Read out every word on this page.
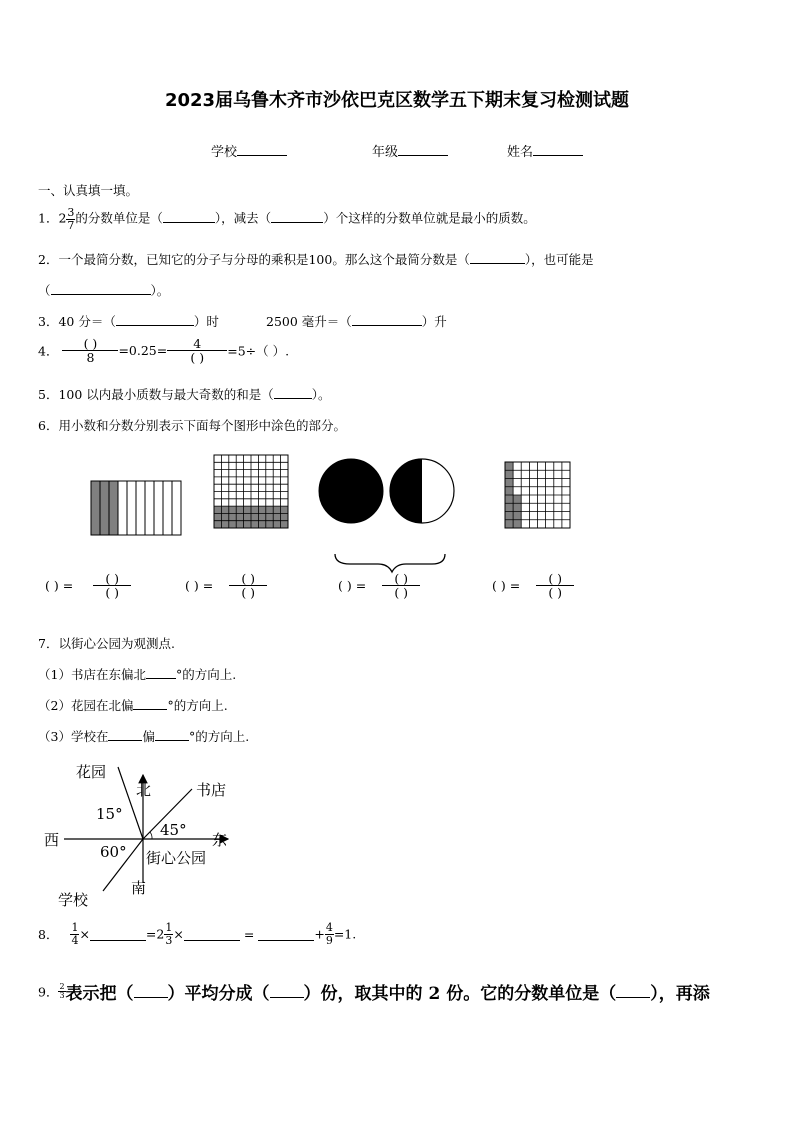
2023届乌鲁木齐市沙依巴克区数学五下期末复习检测试题
学校	年级	姓名
一、认真填一填。
1．$2 \frac{3}{7}$ 的分数单位是（	），减去（	）个这样的分数单位就是最小的质数。
2．一个最简分数，已知它的分子与分母的乘积是100。那么这个最简分数是（	），也可能是
（	）。
3．40 分＝（	）时	2500 毫升＝（	）升
4． $\frac{( )}{8} =0.25= \frac{4}{( )} =5\div$（ ）.
5．100 以内最小质数与最大奇数的和是（	）。
6．用小数和分数分别表示下面每个图形中涂色的部分。
( ) = $\frac{( )}{( )}$	( ) = $\frac{( )}{( )}$	( ) = $\frac{( )}{( )}$	( ) = $\frac{( )}{( )}$
7．以街心公园为观测点.
（1）书店在东偏北 °的方向上.
（2）花园在北偏	°的方向上.
（3）学校在	偏	°的方向上.
花园
北	书店
15°
45°
西	东
60° 街心公园
南
学校
8． $\frac{1}{4}$ ×	$=2 \frac{1}{3}$ ×	=	+ $\frac{4}{9} =1$.
9． $\frac{2}{3}$ 表示把（ ）平均分成（ ）份，取其中的 2 份。它的分数单位是（ ），再添
